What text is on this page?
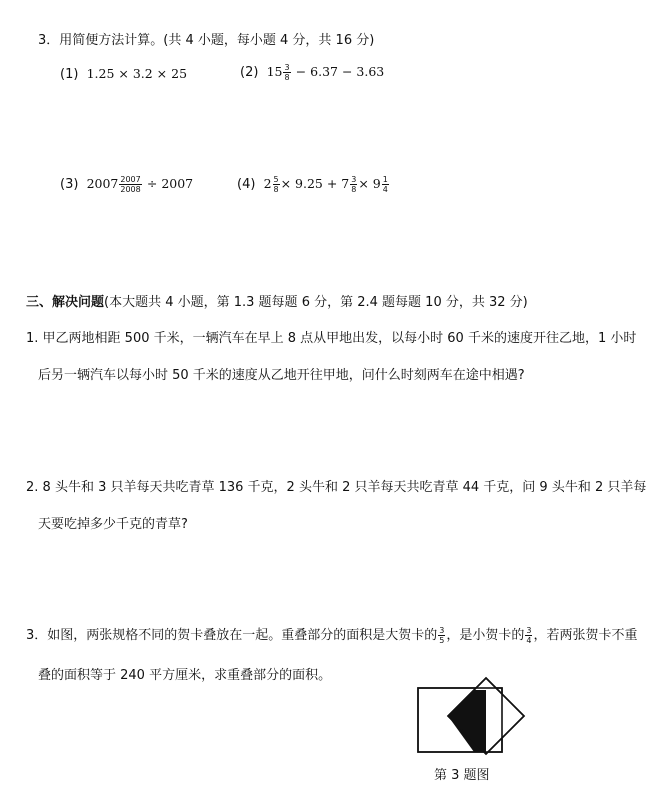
3．用简便方法计算。(共 4 小题，每小题 4 分，共 16 分)
(1) 1.25 × 3.2 × 25	(2) $15 \frac{3}{8} - 6.37 - 3.63$
(3) $2007 \frac{2007}{2008} \div 2007$	(4) $2 \frac{5}{8} \times 9.25 + 7 \frac{3}{8} \times 9 \frac{1}{4}$
三、解决问题(本大题共 4 小题，第 1.3 题每题 6 分，第 2.4 题每题 10 分，共 32 分)
1. 甲乙两地相距 500 千米，一辆汽车在早上 8 点从甲地出发，以每小时 60 千米的速度开往乙地，1 小时
后另一辆汽车以每小时 50 千米的速度从乙地开往甲地，问什么时刻两车在途中相遇?
2. 8 头牛和 3 只羊每天共吃青草 136 千克，2 头牛和 2 只羊每天共吃青草 44 千克，问 9 头牛和 2 只羊每
天要吃掉多少千克的青草?
3．如图，两张规格不同的贺卡叠放在一起。重叠部分的面积是大贺卡的 $\frac{3}{5}$ ，是小贺卡的 $\frac{3}{4}$ ，若两张贺卡不重
叠的面积等于 240 平方厘米，求重叠部分的面积。
第 3 题图
